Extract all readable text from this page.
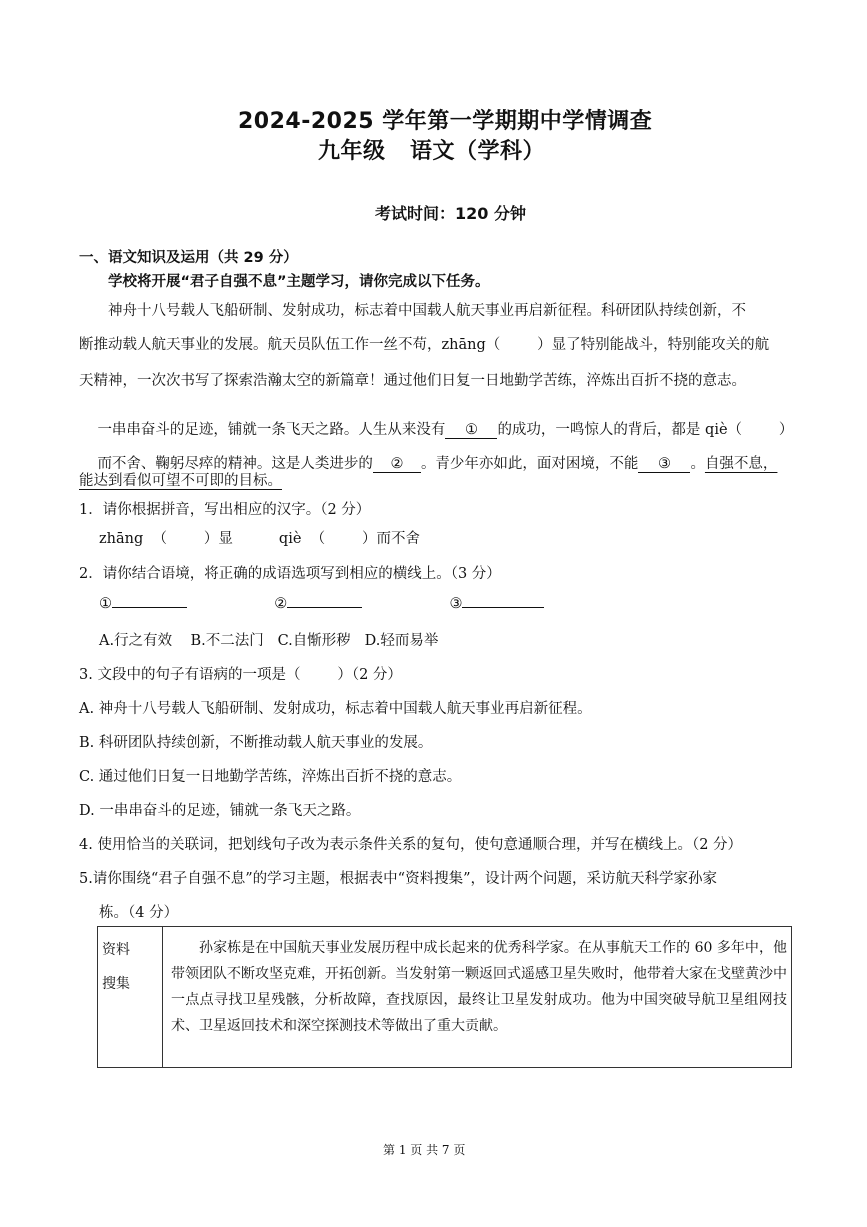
2024-2025 学年第一学期期中学情调查
九年级   语文（学科）
考试时间：120 分钟
一、语文知识及运用（共 29 分）
学校将开展“君子自强不息”主题学习，请你完成以下任务。
神舟十八号载人飞船研制、发射成功，标志着中国载人航天事业再启新征程。科研团队持续创新，不
断推动载人航天事业的发展。航天员队伍工作一丝不苟，zhāng（        ）显了特别能战斗，特别能攻关的航
天精神，一次次书写了探索浩瀚太空的新篇章！通过他们日复一日地勤学苦练，淬炼出百折不挠的意志。

一串串奋斗的足迹，铺就一条飞天之路。人生从来没有 ① 的成功，一鸣惊人的背后，都是 qiè（        ）

而不舍、鞠躬尽瘁的精神。这是人类进步的 ② 。青少年亦如此，面对困境，不能 ③ 。自强不息，

能达到看似可望不可即的目标。
1．请你根据拼音，写出相应的汉字。（2 分）
zhāng  （        ）显          qiè  （        ）而不舍
2．请你结合语境，将正确的成语选项写到相应的横线上。（3 分）
①	②	③
A.行之有效    B.不二法门   C.自惭形秽   D.轻而易举
3. 文段中的句子有语病的一项是（        ）（2 分）
A. 神舟十八号载人飞船研制、发射成功，标志着中国载人航天事业再启新征程。
B. 科研团队持续创新，不断推动载人航天事业的发展。
C. 通过他们日复一日地勤学苦练，淬炼出百折不挠的意志。
D. 一串串奋斗的足迹，铺就一条飞天之路。
4. 使用恰当的关联词，把划线句子改为表示条件关系的复句，使句意通顺合理，并写在横线上。（2 分）
5.请你围绕“君子自强不息”的学习主题，根据表中“资料搜集”，设计两个问题，采访航天科学家孙家
栋。（4 分）
资料
搜集	　　孙家栋是在中国航天事业发展历程中成长起来的优秀科学家。在从事航天工作的 60 多年中，他带领团队不断攻坚克难，开拓创新。当发射第一颗返回式遥感卫星失败时，他带着大家在戈壁黄沙中一点点寻找卫星残骸，分析故障，查找原因，最终让卫星发射成功。他为中国突破导航卫星组网技术、卫星返回技术和深空探测技术等做出了重大贡献。
第 1 页 共 7 页
